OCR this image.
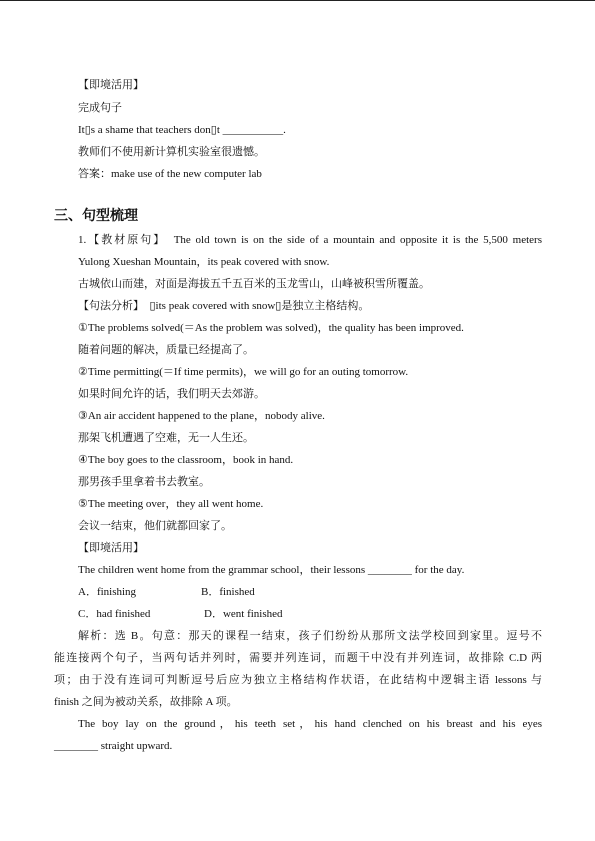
【即境活用】
完成句子
It▯s a shame that teachers don▯t ___________.
教师们不使用新计算机实验室很遗憾。
答案：make use of the new computer lab
三、句型梳理
1.【教材原句】　The old town is on the side of a mountain and opposite it is the 5,500 meters
Yulong Xueshan Mountain，its peak covered with snow.
古城依山而建，对面是海拔五千五百米的玉龙雪山，山峰被积雪所覆盖。
【句法分析】　▯its peak covered with snow▯是独立主格结构。
①The problems solved(＝As the problem was solved)，the quality has been improved.
随着问题的解决，质量已经提高了。
②Time permitting(＝If time permits)，we will go for an outing tomorrow.
如果时间允许的话，我们明天去郊游。
③An air accident happened to the plane，nobody alive.
那架飞机遭遇了空难，无一人生还。
④The boy goes to the classroom，book in hand.
那男孩手里拿着书去教室。
⑤The meeting over，they all went home.
会议一结束，他们就都回家了。
【即境活用】
The children went home from the grammar school，their lessons ________ for the day.
A．finishing	B．finished
C．had finished	D．went finished
解析：选 B。句意：那天的课程一结束，孩子们纷纷从那所文法学校回到家里。逗号不
能连接两个句子，当两句话并列时，需要并列连词，而题干中没有并列连词，故排除 C.D 两
项；由于没有连词可判断逗号后应为独立主格结构作状语，在此结构中逻辑主语 lessons 与
finish 之间为被动关系，故排除 A 项。
The boy lay on the ground，his teeth set，his hand clenched on his breast and his eyes
________ straight upward.
